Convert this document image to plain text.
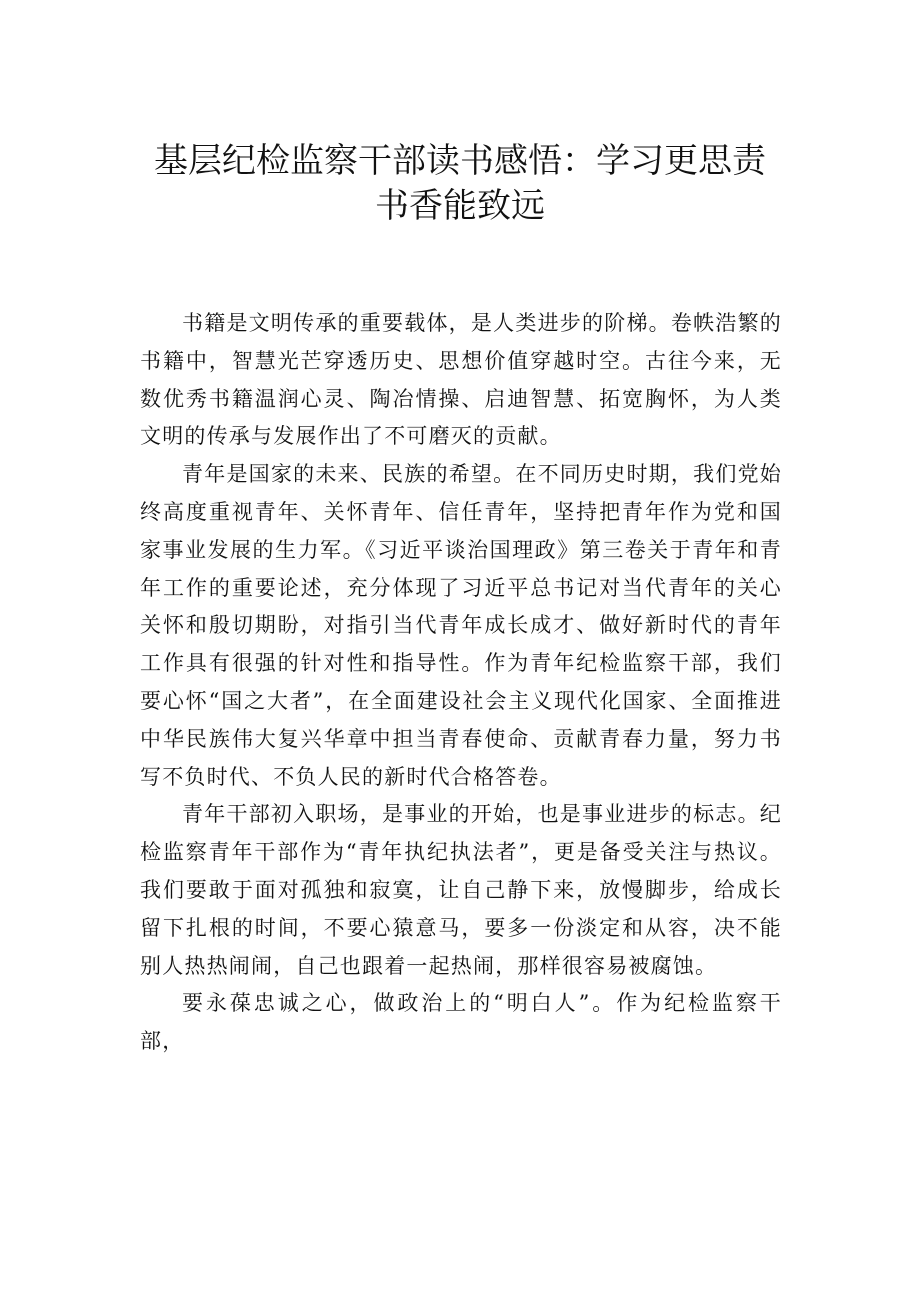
基层纪检监察干部读书感悟：学习更思责
书香能致远

书籍是文明传承的重要载体，是人类进步的阶梯。卷帙浩繁的书籍中，智慧光芒穿透历史、思想价值穿越时空。古往今来，无数优秀书籍温润心灵、陶冶情操、启迪智慧、拓宽胸怀，为人类文明的传承与发展作出了不可磨灭的贡献。

青年是国家的未来、民族的希望。在不同历史时期，我们党始终高度重视青年、关怀青年、信任青年，坚持把青年作为党和国家事业发展的生力军。《习近平谈治国理政》第三卷关于青年和青年工作的重要论述，充分体现了习近平总书记对当代青年的关心关怀和殷切期盼，对指引当代青年成长成才、做好新时代的青年工作具有很强的针对性和指导性。作为青年纪检监察干部，我们要心怀“国之大者”，在全面建设社会主义现代化国家、全面推进中华民族伟大复兴华章中担当青春使命、贡献青春力量，努力书写不负时代、不负人民的新时代合格答卷。

青年干部初入职场，是事业的开始，也是事业进步的标志。纪检监察青年干部作为“青年执纪执法者”，更是备受关注与热议。我们要敢于面对孤独和寂寞，让自己静下来，放慢脚步，给成长留下扎根的时间，不要心猿意马，要多一份淡定和从容，决不能别人热热闹闹，自己也跟着一起热闹，那样很容易被腐蚀。

要永葆忠诚之心，做政治上的“明白人”。作为纪检监察干部，
